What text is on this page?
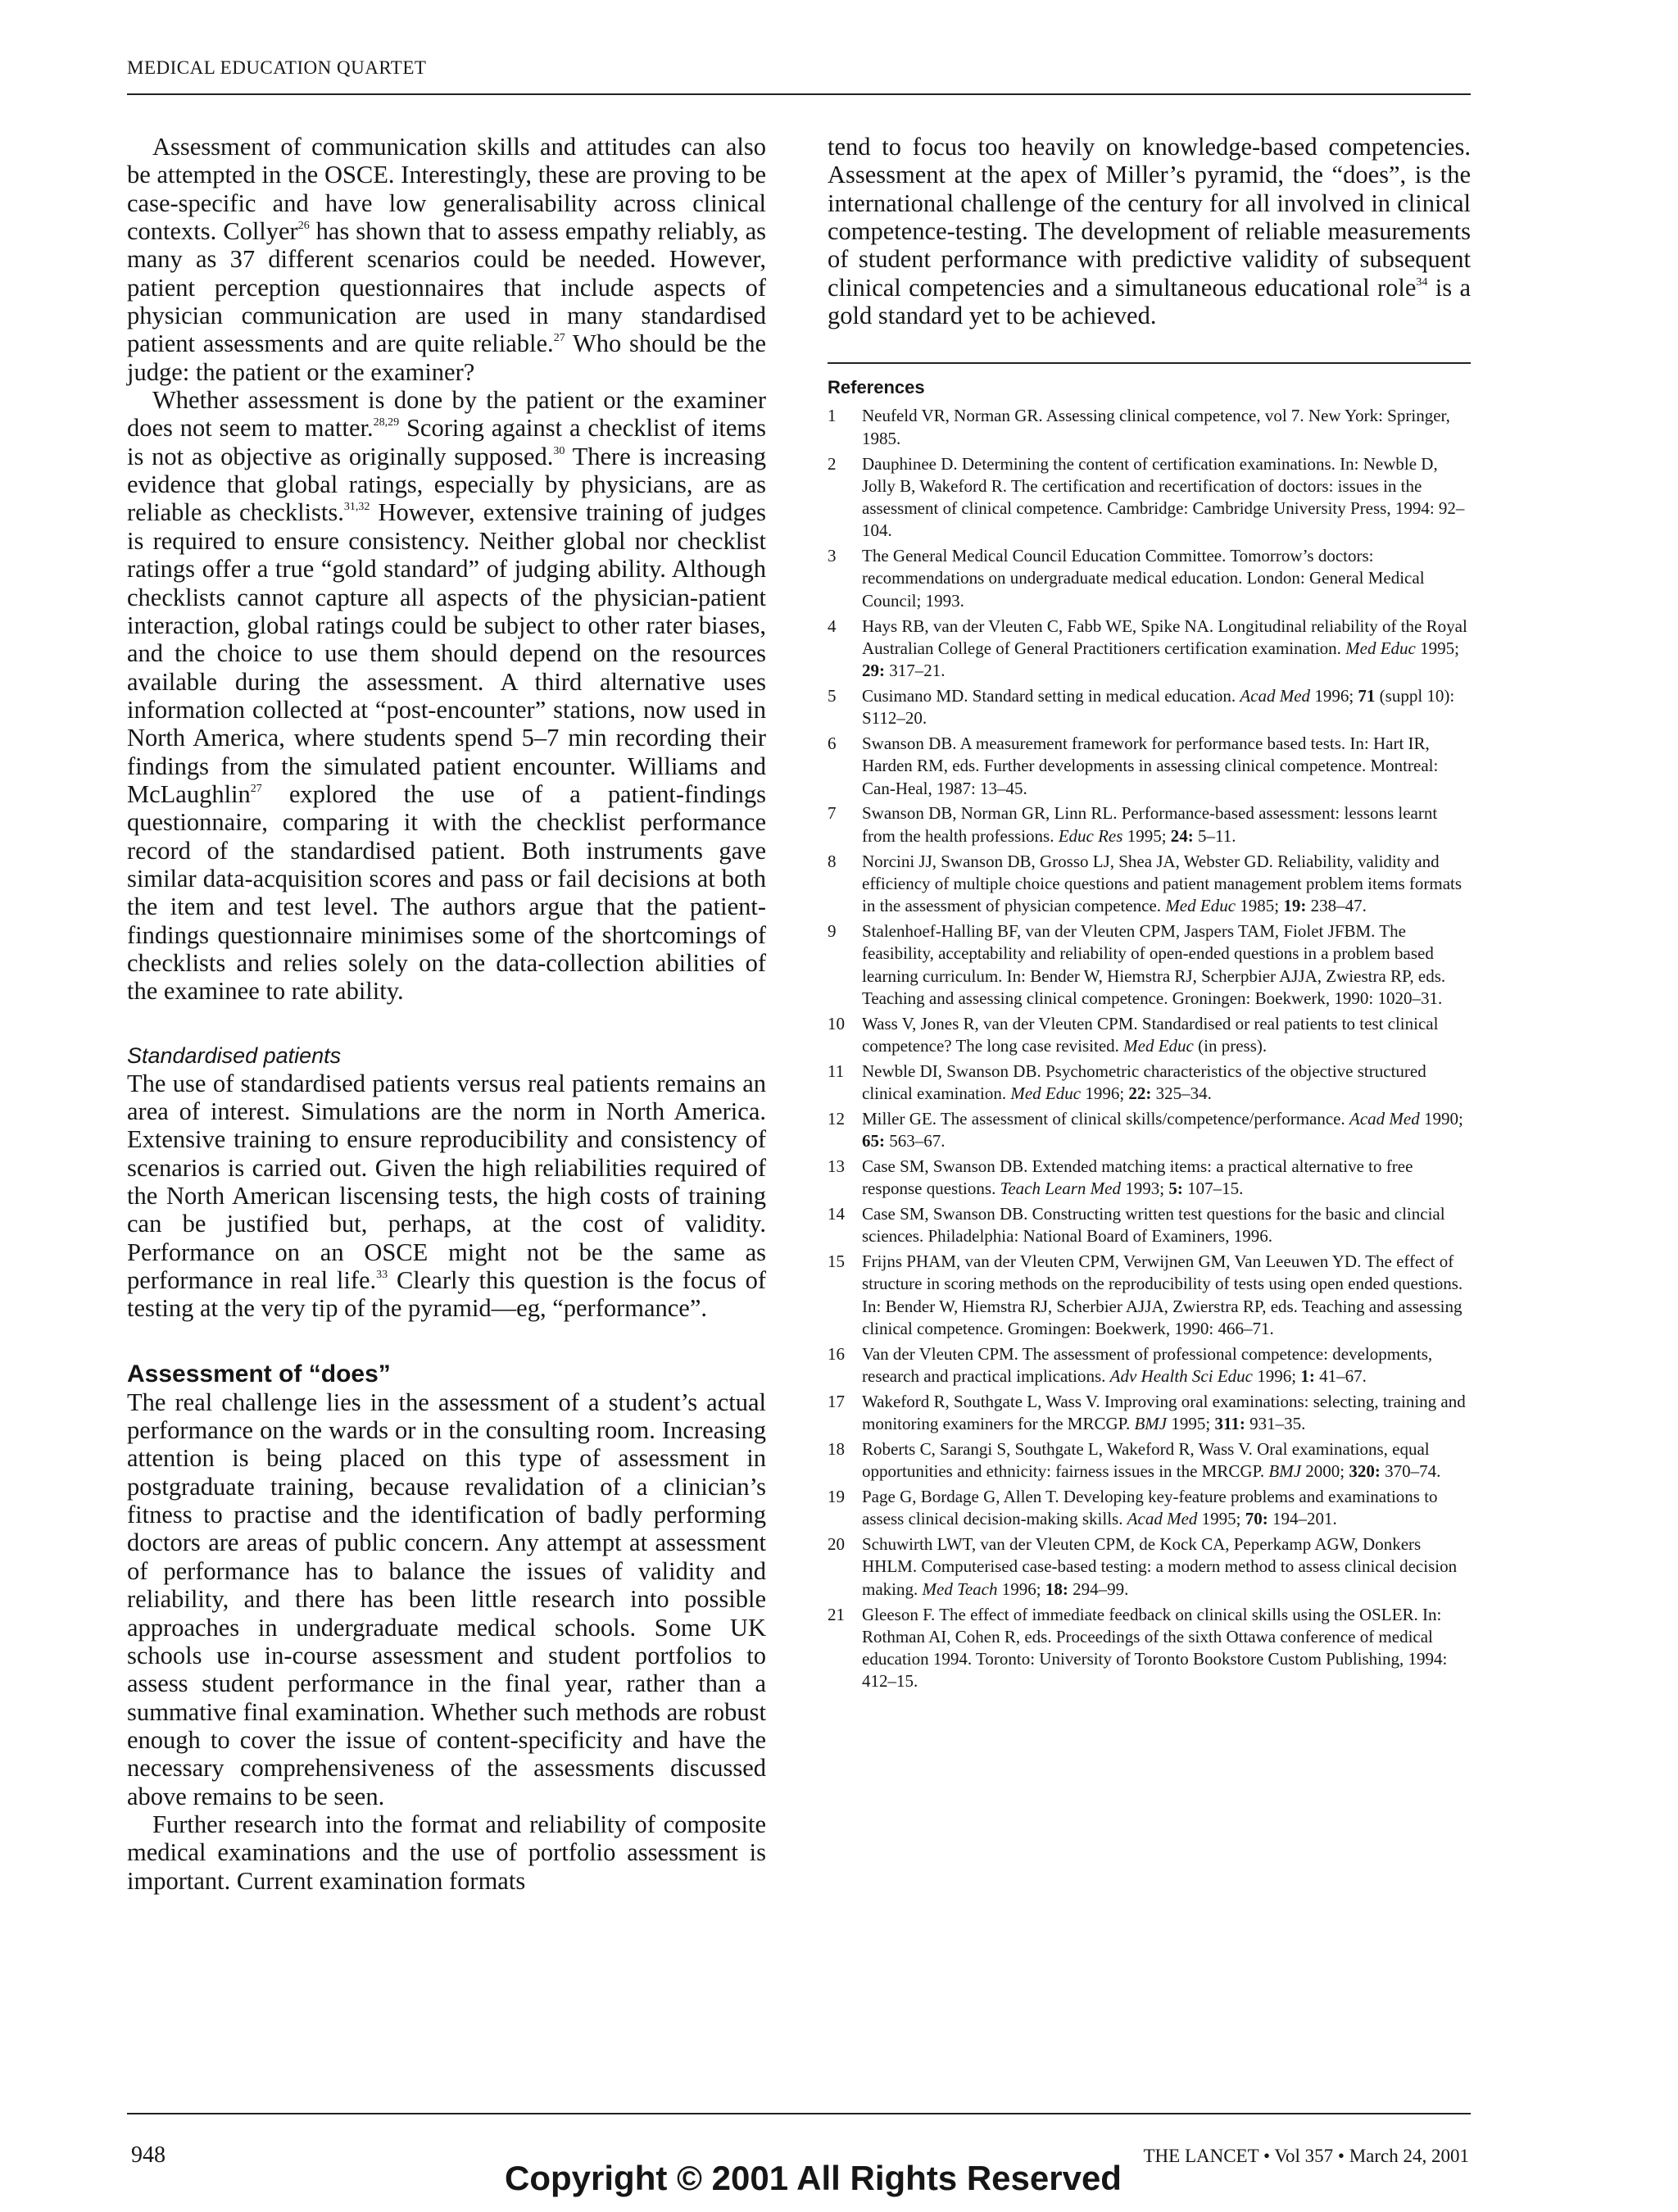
MEDICAL EDUCATION QUARTET

Assessment of communication skills and attitudes can also be attempted in the OSCE. Interestingly, these are proving to be case-specific and have low generalisability across clinical contexts. Collyer$^{26}$ has shown that to assess empathy reliably, as many as 37 different scenarios could be needed. However, patient perception questionnaires that include aspects of physician communication are used in many standardised patient assessments and are quite reliable.$^{27}$ Who should be the judge: the patient or the examiner?

Whether assessment is done by the patient or the examiner does not seem to matter.$^{28,29}$ Scoring against a checklist of items is not as objective as originally supposed.$^{30}$ There is increasing evidence that global ratings, especially by physicians, are as reliable as checklists.$^{31,32}$ However, extensive training of judges is required to ensure consistency. Neither global nor checklist ratings offer a true “gold standard” of judging ability. Although checklists cannot capture all aspects of the physician-patient interaction, global ratings could be subject to other rater biases, and the choice to use them should depend on the resources available during the assessment. A third alternative uses information collected at “post-encounter” stations, now used in North America, where students spend 5–7 min recording their findings from the simulated patient encounter. Williams and McLaughlin$^{27}$ explored the use of a patient-findings questionnaire, comparing it with the checklist performance record of the standardised patient. Both instruments gave similar data-acquisition scores and pass or fail decisions at both the item and test level. The authors argue that the patient-findings questionnaire minimises some of the shortcomings of checklists and relies solely on the data-collection abilities of the examinee to rate ability.

Standardised patients

The use of standardised patients versus real patients remains an area of interest. Simulations are the norm in North America. Extensive training to ensure reproducibility and consistency of scenarios is carried out. Given the high reliabilities required of the North American liscensing tests, the high costs of training can be justified but, perhaps, at the cost of validity. Performance on an OSCE might not be the same as performance in real life.$^{33}$ Clearly this question is the focus of testing at the very tip of the pyramid—eg, “performance”.

Assessment of “does”

The real challenge lies in the assessment of a student’s actual performance on the wards or in the consulting room. Increasing attention is being placed on this type of assessment in postgraduate training, because revalidation of a clinician’s fitness to practise and the identification of badly performing doctors are areas of public concern. Any attempt at assessment of performance has to balance the issues of validity and reliability, and there has been little research into possible approaches in undergraduate medical schools. Some UK schools use in-course assessment and student portfolios to assess student performance in the final year, rather than a summative final examination. Whether such methods are robust enough to cover the issue of content-specificity and have the necessary comprehensiveness of the assessments discussed above remains to be seen.

Further research into the format and reliability of composite medical examinations and the use of portfolio assessment is important. Current examination formats

tend to focus too heavily on knowledge-based competencies. Assessment at the apex of Miller’s pyramid, the “does”, is the international challenge of the century for all involved in clinical competence-testing. The development of reliable measurements of student performance with predictive validity of subsequent clinical competencies and a simultaneous educational role$^{34}$ is a gold standard yet to be achieved.

References
1	Neufeld VR, Norman GR. Assessing clinical competence, vol 7. New York: Springer, 1985.
2	Dauphinee D. Determining the content of certification examinations. In: Newble D, Jolly B, Wakeford R. The certification and recertification of doctors: issues in the assessment of clinical competence. Cambridge: Cambridge University Press, 1994: 92–104.
3	The General Medical Council Education Committee. Tomorrow’s doctors: recommendations on undergraduate medical education. London: General Medical Council; 1993.
4	Hays RB, van der Vleuten C, Fabb WE, Spike NA. Longitudinal reliability of the Royal Australian College of General Practitioners certification examination. Med Educ 1995; 29: 317–21.
5	Cusimano MD. Standard setting in medical education. Acad Med 1996; 71 (suppl 10): S112–20.
6	Swanson DB. A measurement framework for performance based tests. In: Hart IR, Harden RM, eds. Further developments in assessing clinical competence. Montreal: Can-Heal, 1987: 13–45.
7	Swanson DB, Norman GR, Linn RL. Performance-based assessment: lessons learnt from the health professions. Educ Res 1995; 24: 5–11.
8	Norcini JJ, Swanson DB, Grosso LJ, Shea JA, Webster GD. Reliability, validity and efficiency of multiple choice questions and patient management problem items formats in the assessment of physician competence. Med Educ 1985; 19: 238–47.
9	Stalenhoef-Halling BF, van der Vleuten CPM, Jaspers TAM, Fiolet JFBM. The feasibility, acceptability and reliability of open-ended questions in a problem based learning curriculum. In: Bender W, Hiemstra RJ, Scherpbier AJJA, Zwiestra RP, eds. Teaching and assessing clinical competence. Groningen: Boekwerk, 1990: 1020–31.
10	Wass V, Jones R, van der Vleuten CPM. Standardised or real patients to test clinical competence? The long case revisited. Med Educ (in press).
11	Newble DI, Swanson DB. Psychometric characteristics of the objective structured clinical examination. Med Educ 1996; 22: 325–34.
12	Miller GE. The assessment of clinical skills/competence/performance. Acad Med 1990; 65: 563–67.
13	Case SM, Swanson DB. Extended matching items: a practical alternative to free response questions. Teach Learn Med 1993; 5: 107–15.
14	Case SM, Swanson DB. Constructing written test questions for the basic and clincial sciences. Philadelphia: National Board of Examiners, 1996.
15	Frijns PHAM, van der Vleuten CPM, Verwijnen GM, Van Leeuwen YD. The effect of structure in scoring methods on the reproducibility of tests using open ended questions. In: Bender W, Hiemstra RJ, Scherbier AJJA, Zwierstra RP, eds. Teaching and assessing clinical competence. Gromingen: Boekwerk, 1990: 466–71.
16	Van der Vleuten CPM. The assessment of professional competence: developments, research and practical implications. Adv Health Sci Educ 1996; 1: 41–67.
17	Wakeford R, Southgate L, Wass V. Improving oral examinations: selecting, training and monitoring examiners for the MRCGP. BMJ 1995; 311: 931–35.
18	Roberts C, Sarangi S, Southgate L, Wakeford R, Wass V. Oral examinations, equal opportunities and ethnicity: fairness issues in the MRCGP. BMJ 2000; 320: 370–74.
19	Page G, Bordage G, Allen T. Developing key-feature problems and examinations to assess clinical decision-making skills. Acad Med 1995; 70: 194–201.
20	Schuwirth LWT, van der Vleuten CPM, de Kock CA, Peperkamp AGW, Donkers HHLM. Computerised case-based testing: a modern method to assess clinical decision making. Med Teach 1996; 18: 294–99.
21	Gleeson F. The effect of immediate feedback on clinical skills using the OSLER. In: Rothman AI, Cohen R, eds. Proceedings of the sixth Ottawa conference of medical education 1994. Toronto: University of Toronto Bookstore Custom Publishing, 1994: 412–15.
948	THE LANCET • Vol 357 • March 24, 2001
Copyright © 2001 All Rights Reserved
